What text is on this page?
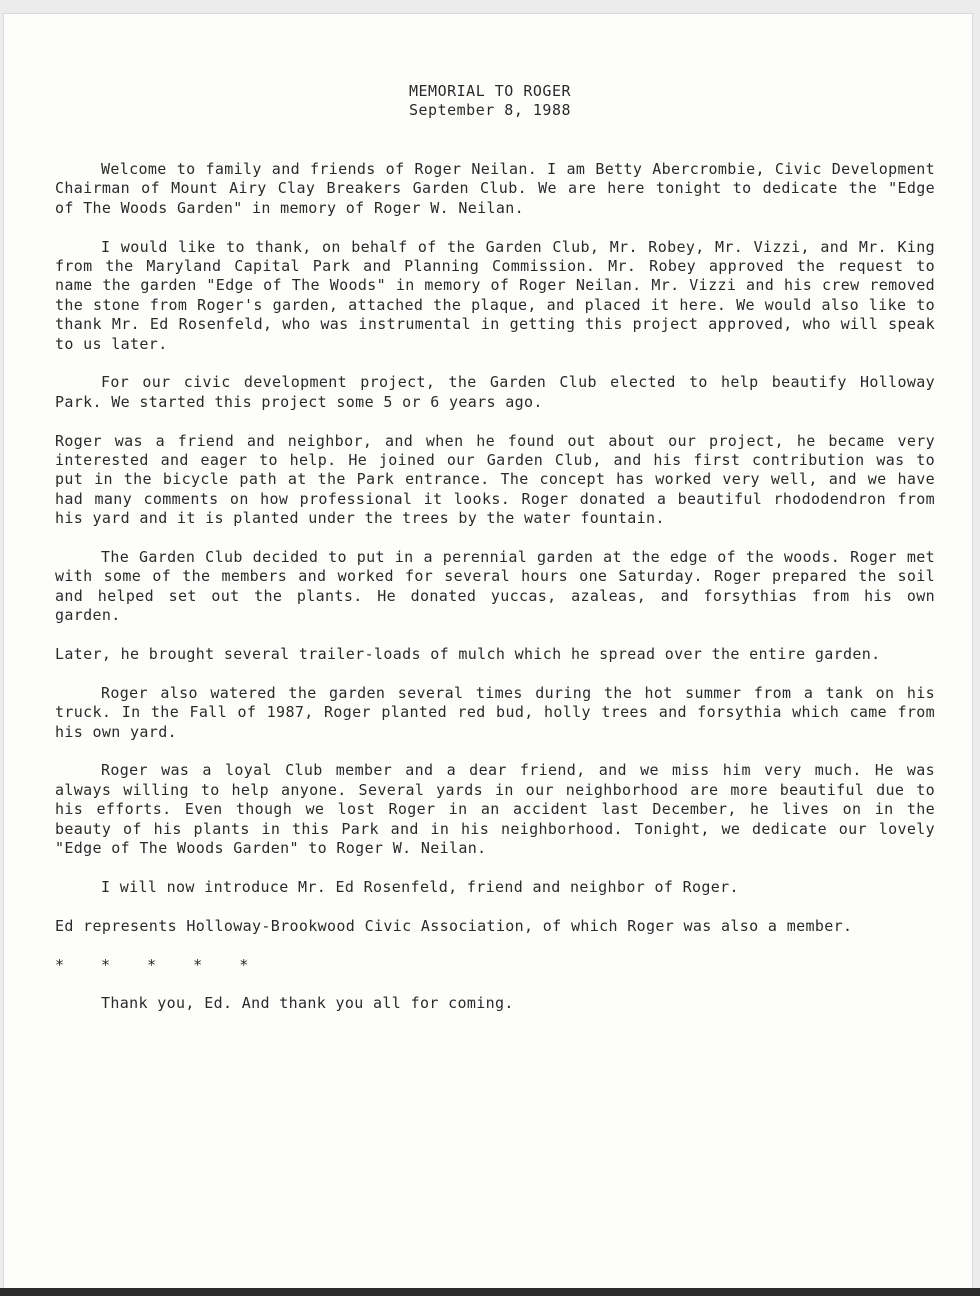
MEMORIAL TO ROGER
September 8, 1988

Welcome to family and friends of Roger Neilan. I am Betty Abercrombie, Civic Development Chairman of Mount Airy Clay Breakers Garden Club. We are here tonight to dedicate the "Edge of The Woods Garden" in memory of Roger W. Neilan.

I would like to thank, on behalf of the Garden Club, Mr. Robey, Mr. Vizzi, and Mr. King from the Maryland Capital Park and Planning Commission. Mr. Robey approved the request to name the garden "Edge of The Woods" in memory of Roger Neilan. Mr. Vizzi and his crew removed the stone from Roger's garden, attached the plaque, and placed it here. We would also like to thank Mr. Ed Rosenfeld, who was instrumental in getting this project approved, who will speak to us later.

For our civic development project, the Garden Club elected to help beautify Holloway Park. We started this project some 5 or 6 years ago.

Roger was a friend and neighbor, and when he found out about our project, he became very interested and eager to help. He joined our Garden Club, and his first contribution was to put in the bicycle path at the Park entrance. The concept has worked very well, and we have had many comments on how professional it looks. Roger donated a beautiful rhododendron from his yard and it is planted under the trees by the water fountain.

The Garden Club decided to put in a perennial garden at the edge of the woods. Roger met with some of the members and worked for several hours one Saturday. Roger prepared the soil and helped set out the plants. He donated yuccas, azaleas, and forsythias from his own garden.

Later, he brought several trailer-loads of mulch which he spread over the entire garden.

Roger also watered the garden several times during the hot summer from a tank on his truck. In the Fall of 1987, Roger planted red bud, holly trees and forsythia which came from his own yard.

Roger was a loyal Club member and a dear friend, and we miss him very much. He was always willing to help anyone. Several yards in our neighborhood are more beautiful due to his efforts. Even though we lost Roger in an accident last December, he lives on in the beauty of his plants in this Park and in his neighborhood. Tonight, we dedicate our lovely "Edge of The Woods Garden" to Roger W. Neilan.

I will now introduce Mr. Ed Rosenfeld, friend and neighbor of Roger.

Ed represents Holloway-Brookwood Civic Association, of which Roger was also a member.

* * * * *

Thank you, Ed. And thank you all for coming.
